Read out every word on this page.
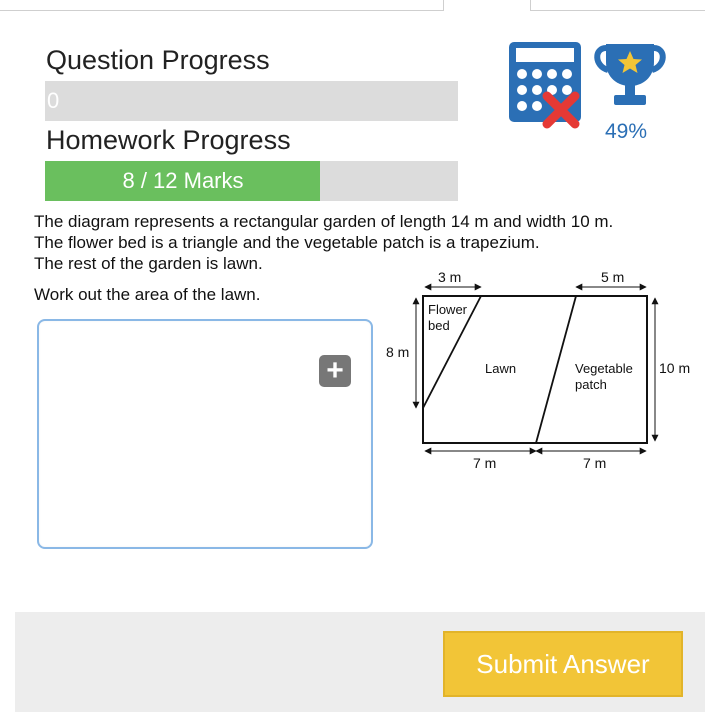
Question Progress
0
Homework Progress
8 / 12 Marks
49%
The diagram represents a rectangular garden of length 14 m and width 10 m.
The flower bed is a triangle and the vegetable patch is a trapezium.
The rest of the garden is lawn.
Work out the area of the lawn.
3 m	5 m
8 m
10 m
7 m	7 m
Flower
bed
Lawn	Vegetable
patch
+
Submit Answer
